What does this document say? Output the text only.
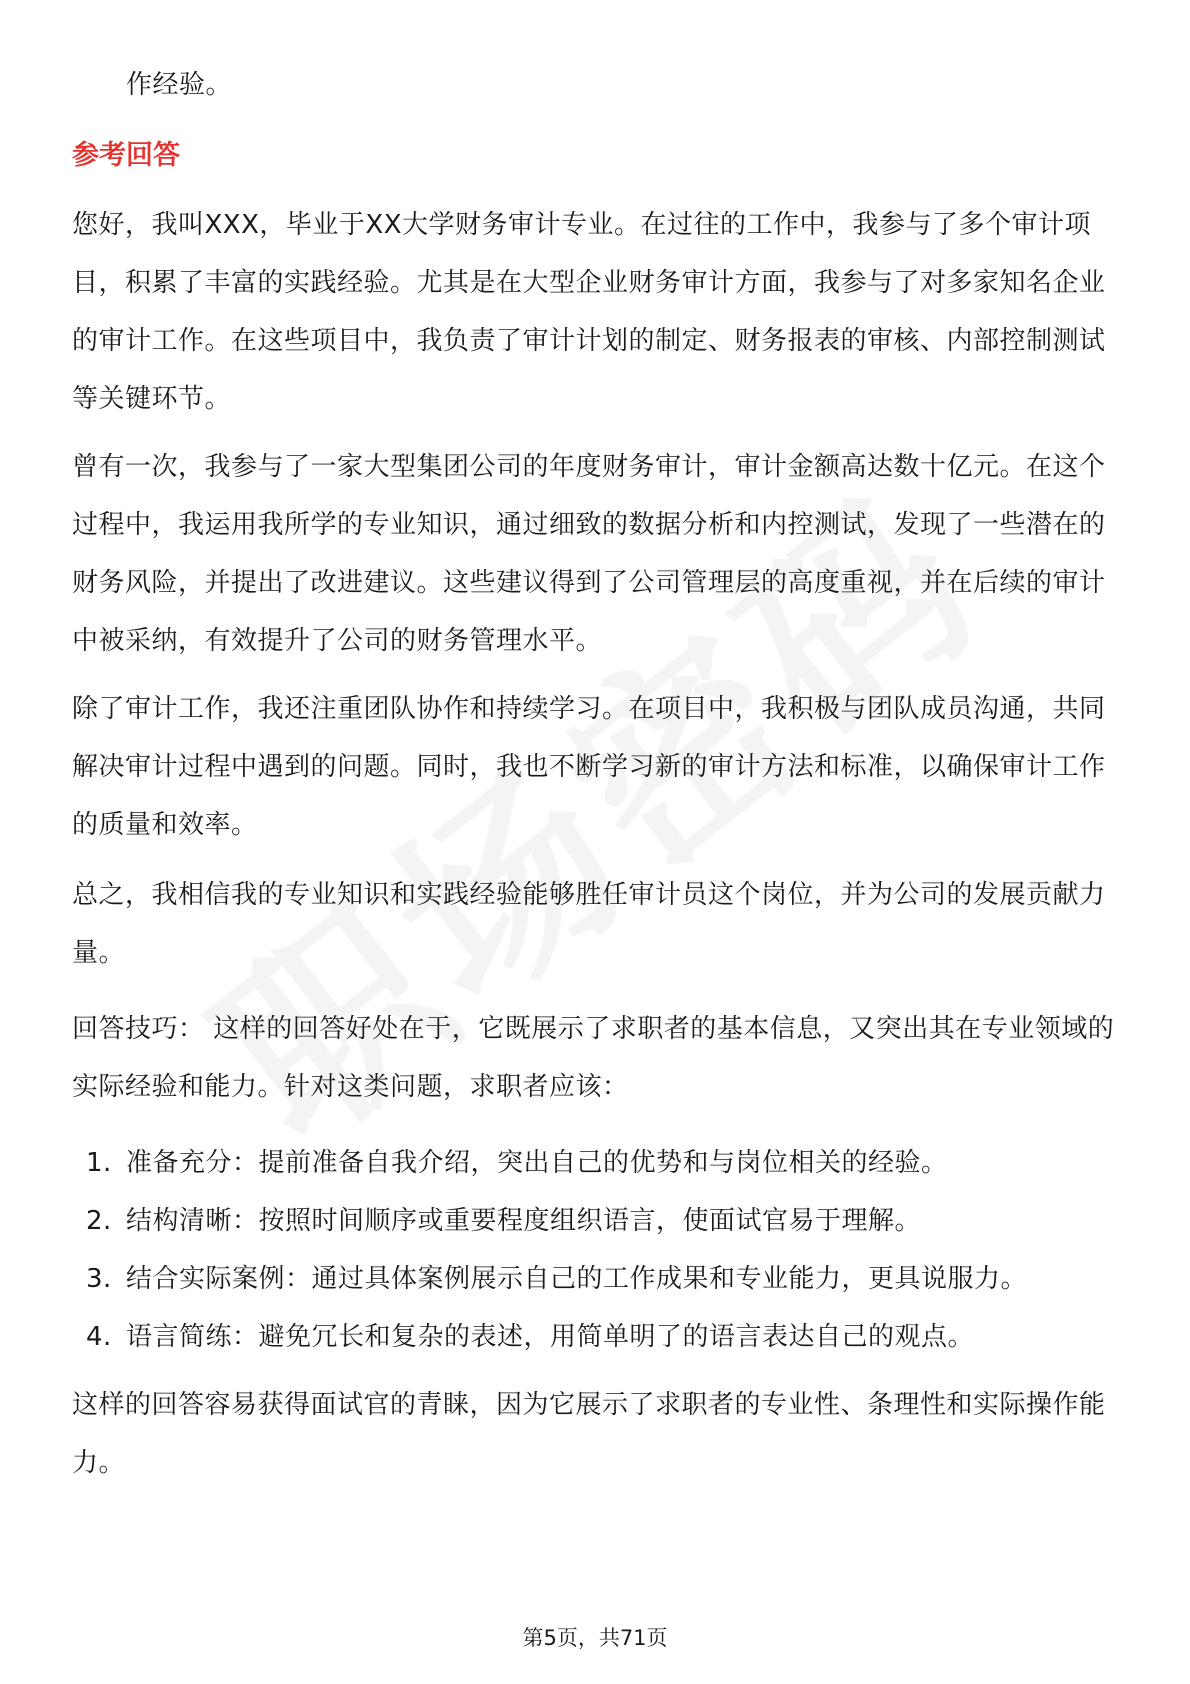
作经验。

参考回答

您好，我叫XXX，毕业于XX大学财务审计专业。在过往的工作中，我参与了多个审计项目，积累了丰富的实践经验。尤其是在大型企业财务审计方面，我参与了对多家知名企业的审计工作。在这些项目中，我负责了审计计划的制定、财务报表的审核、内部控制测试等关键环节。

曾有一次，我参与了一家大型集团公司的年度财务审计，审计金额高达数十亿元。在这个过程中，我运用我所学的专业知识，通过细致的数据分析和内控测试，发现了一些潜在的财务风险，并提出了改进建议。这些建议得到了公司管理层的高度重视，并在后续的审计中被采纳，有效提升了公司的财务管理水平。

除了审计工作，我还注重团队协作和持续学习。在项目中，我积极与团队成员沟通，共同解决审计过程中遇到的问题。同时，我也不断学习新的审计方法和标准，以确保审计工作的质量和效率。

总之，我相信我的专业知识和实践经验能够胜任审计员这个岗位，并为公司的发展贡献力量。

回答技巧： 这样的回答好处在于，它既展示了求职者的基本信息，又突出其在专业领域的实际经验和能力。针对这类问题，求职者应该：

1. 准备充分：提前准备自我介绍，突出自己的优势和与岗位相关的经验。
2. 结构清晰：按照时间顺序或重要程度组织语言，使面试官易于理解。
3. 结合实际案例：通过具体案例展示自己的工作成果和专业能力，更具说服力。
4. 语言简练：避免冗长和复杂的表述，用简单明了的语言表达自己的观点。

这样的回答容易获得面试官的青睐，因为它展示了求职者的专业性、条理性和实际操作能力。

第5页，共71页
